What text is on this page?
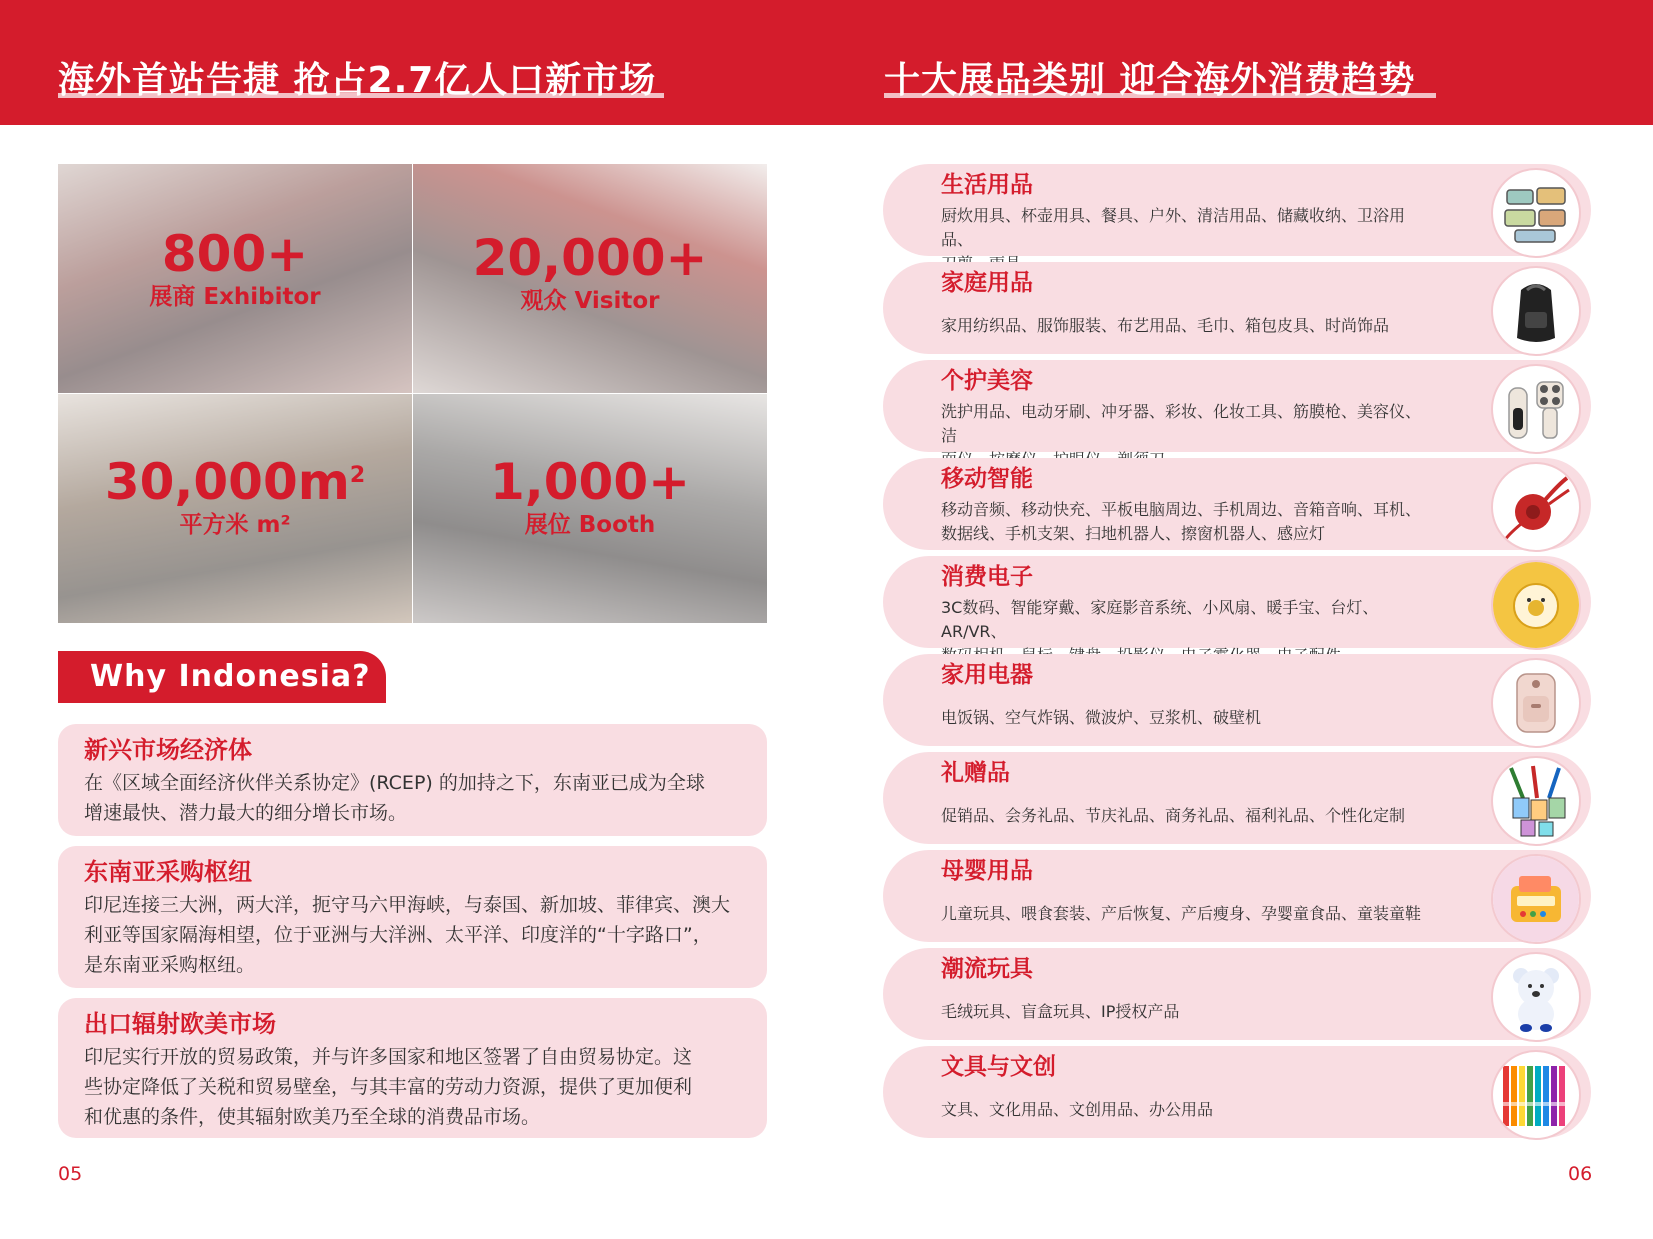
海外首站告捷 抢占2.7亿人口新市场	十大展品类别 迎合海外消费趋势
800+
展商 Exhibitor
20,000+
观众 Visitor
$30,000m^2$
平方米 m²
1,000+
展位 Booth
Why Indonesia?
新兴市场经济体
在《区域全面经济伙伴关系协定》(RCEP) 的加持之下，东南亚已成为全球
增速最快、潜力最大的细分增长市场。
东南亚采购枢纽
印尼连接三大洲，两大洋，扼守马六甲海峡，与泰国、新加坡、菲律宾、澳大
利亚等国家隔海相望，位于亚洲与大洋洲、太平洋、印度洋的“十字路口”，
是东南亚采购枢纽。
出口辐射欧美市场
印尼实行开放的贸易政策，并与许多国家和地区签署了自由贸易协定。这
些协定降低了关税和贸易壁垒，与其丰富的劳动力资源，提供了更加便利
和优惠的条件，使其辐射欧美乃至全球的消费品市场。
生活用品
厨炊用具、杯壶用具、餐具、户外、清洁用品、储藏收纳、卫浴用品、
家庭用品
家用纺织品、服饰服装、布艺用品、毛巾、箱包皮具、时尚饰品
个护美容
洗护用品、电动牙刷、冲牙器、彩妆、化妆工具、筋膜枪、美容仪、洁
移动智能
移动音频、移动快充、平板电脑周边、手机周边、音箱音响、耳机、
数据线、手机支架、扫地机器人、擦窗机器人、感应灯
消费电子
3C数码、智能穿戴、家庭影音系统、小风扇、暖手宝、台灯、AR/VR、
家用电器
电饭锅、空气炸锅、微波炉、豆浆机、破壁机
礼赠品
促销品、会务礼品、节庆礼品、商务礼品、福利礼品、个性化定制
母婴用品
儿童玩具、喂食套装、产后恢复、产后瘦身、孕婴童食品、童装童鞋
潮流玩具
毛绒玩具、盲盒玩具、IP授权产品
文具与文创
文具、文化用品、文创用品、办公用品
05	06
